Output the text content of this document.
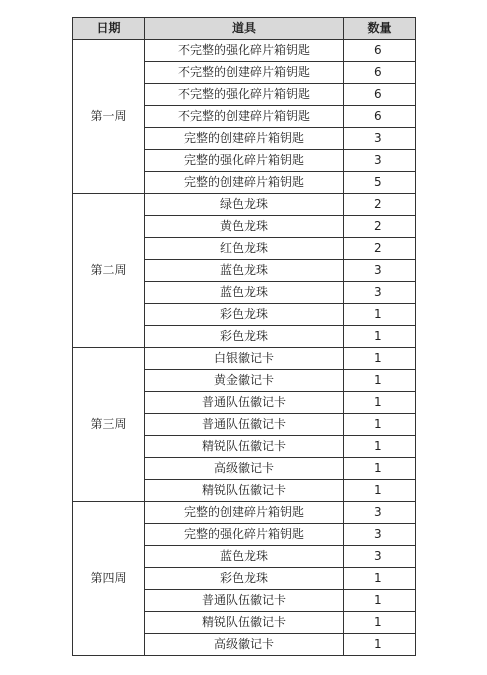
日期	道具	数量
第一周	不完整的强化碎片箱钥匙	6
	不完整的创建碎片箱钥匙	6
	不完整的强化碎片箱钥匙	6
	不完整的创建碎片箱钥匙	6
	完整的创建碎片箱钥匙	3
	完整的强化碎片箱钥匙	3
	完整的创建碎片箱钥匙	5
第二周	绿色龙珠	2
	黄色龙珠	2
	红色龙珠	2
	蓝色龙珠	3
	蓝色龙珠	3
	彩色龙珠	1
	彩色龙珠	1
第三周	白银徽记卡	1
	黄金徽记卡	1
	普通队伍徽记卡	1
	普通队伍徽记卡	1
	精锐队伍徽记卡	1
	高级徽记卡	1
	精锐队伍徽记卡	1
第四周	完整的创建碎片箱钥匙	3
	完整的强化碎片箱钥匙	3
	蓝色龙珠	3
	彩色龙珠	1
	普通队伍徽记卡	1
	精锐队伍徽记卡	1
	高级徽记卡	1
